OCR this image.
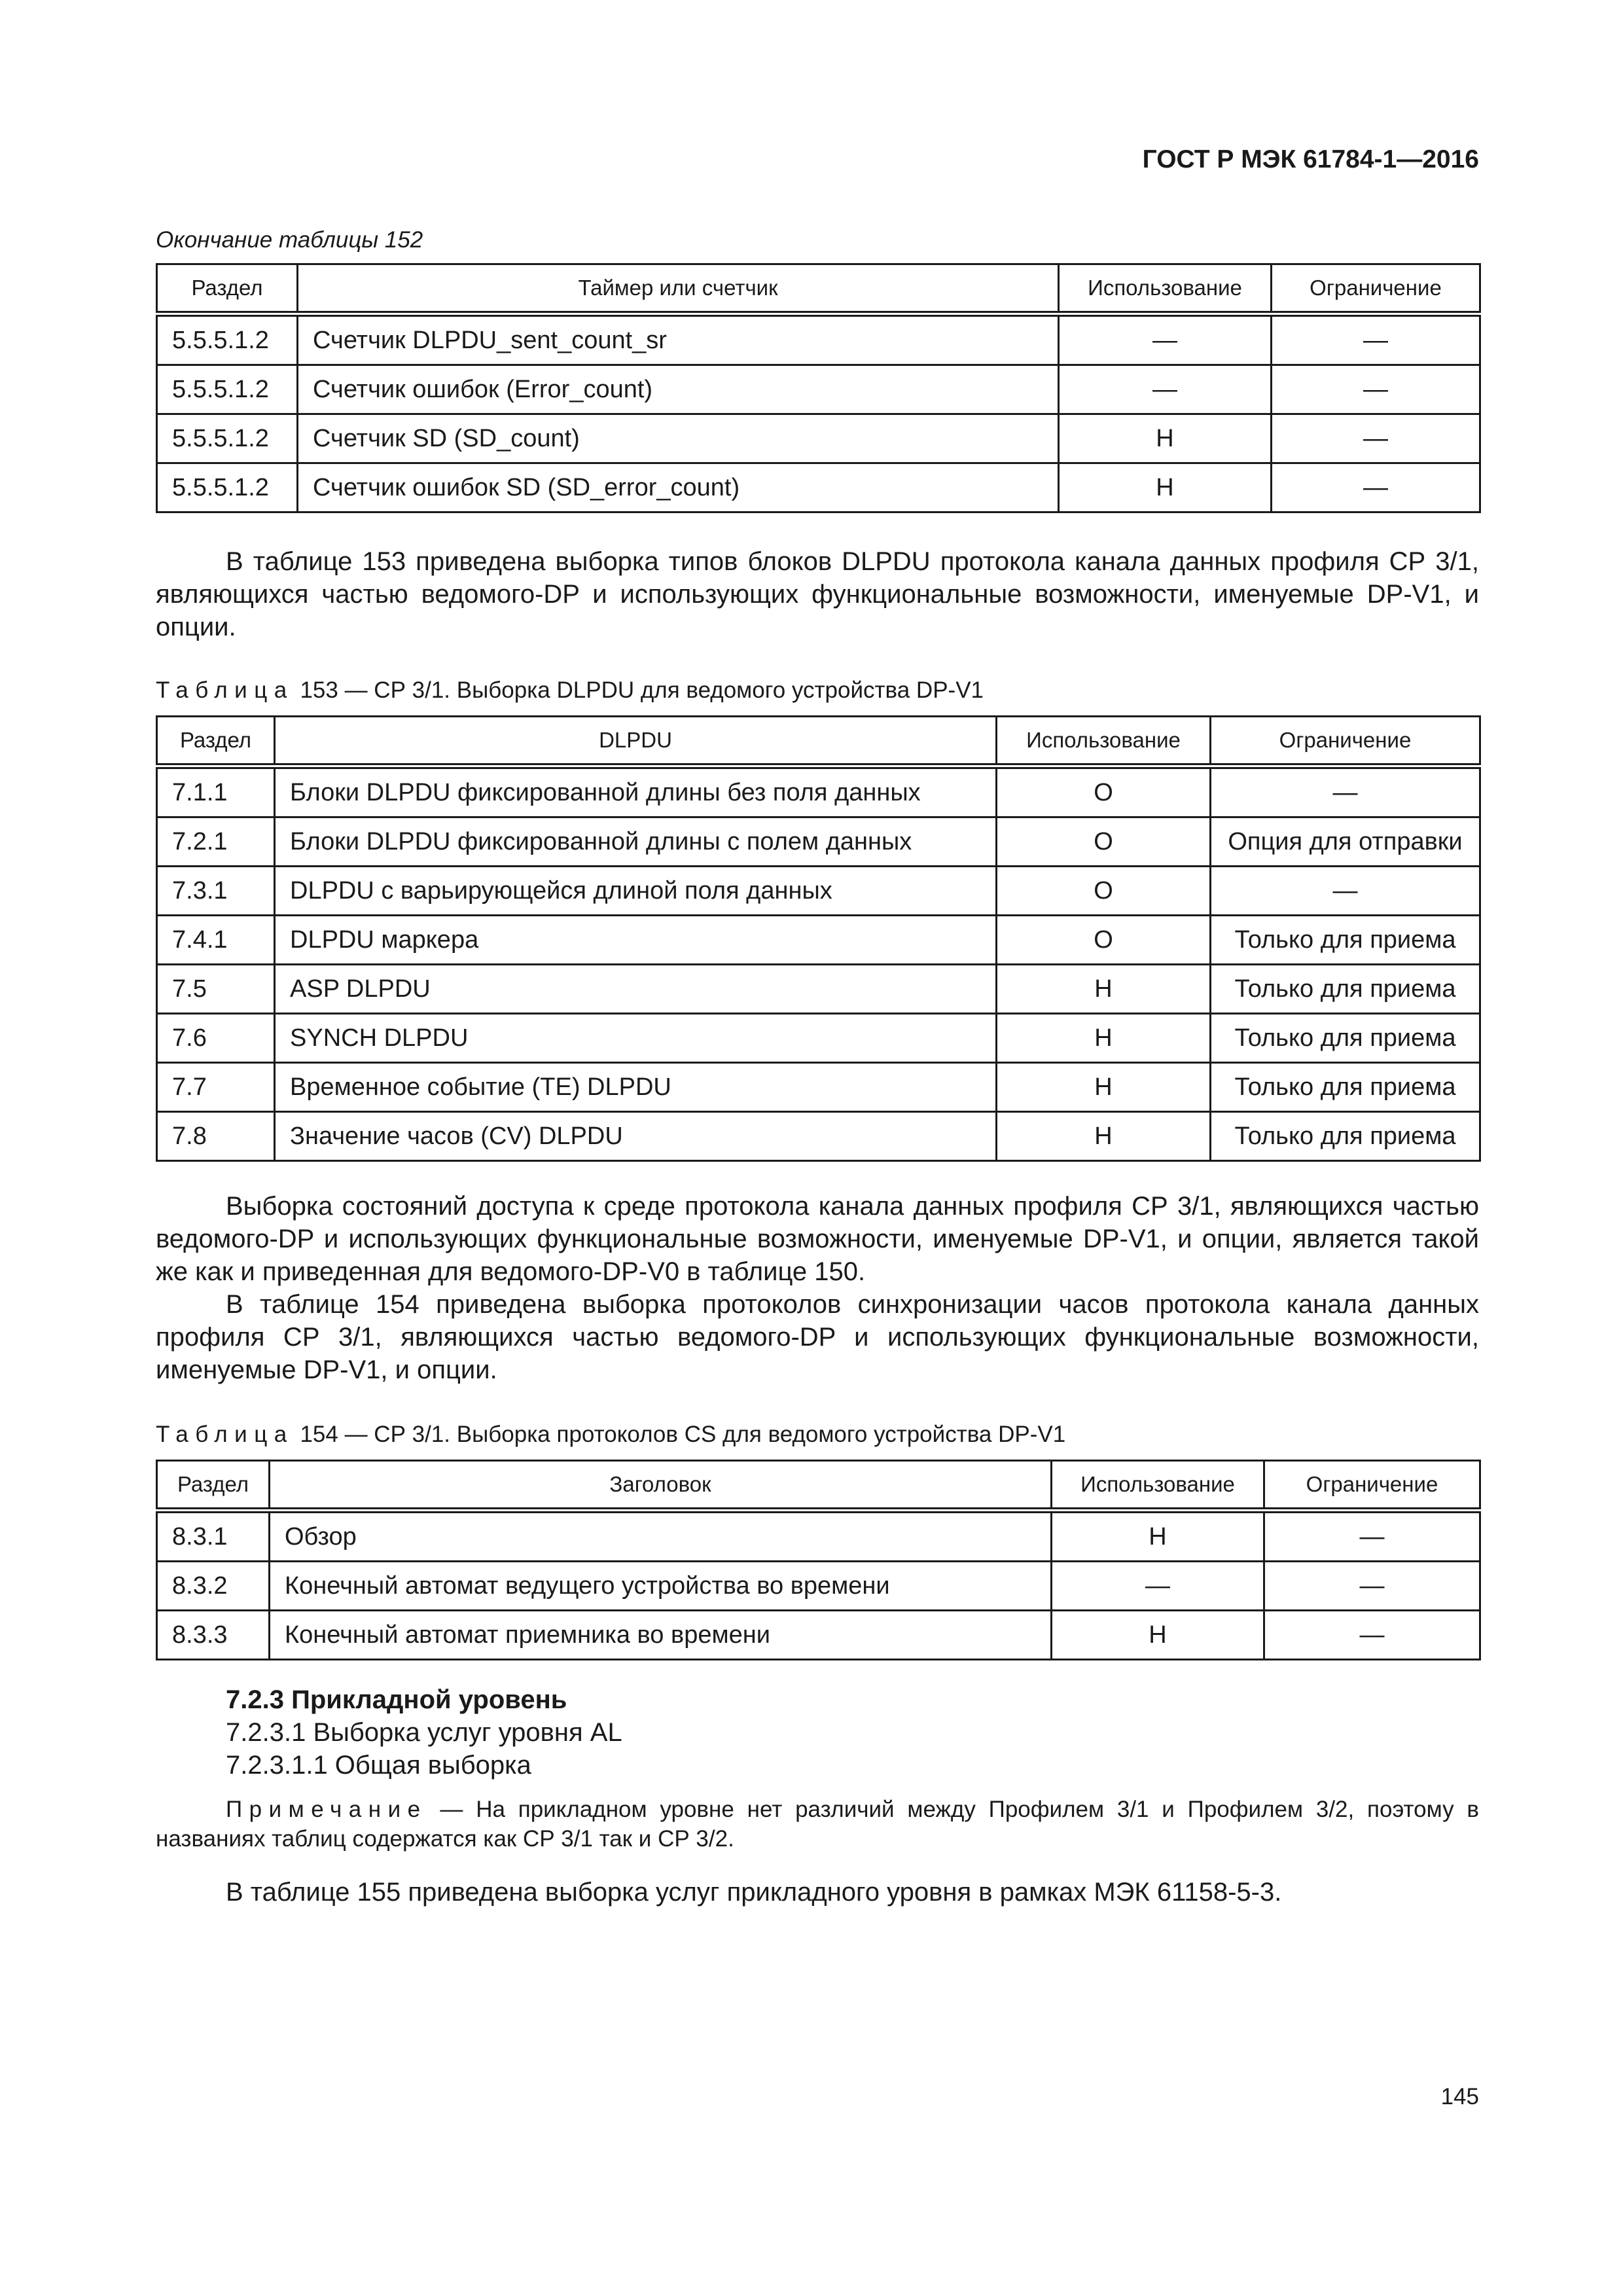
ГОСТ Р МЭК 61784-1—2016
Окончание таблицы 152
Раздел	Таймер или счетчик	Использование	Ограничение
5.5.5.1.2	Счетчик DLPDU_sent_count_sr	—	—
5.5.5.1.2	Счетчик ошибок (Error_count)	—	—
5.5.5.1.2	Счетчик SD (SD_count)	Н	—
5.5.5.1.2	Счетчик ошибок SD (SD_error_count)	Н	—

В таблице 153 приведена выборка типов блоков DLPDU протокола канала данных профиля СР 3/1, являющихся частью ведомого-DP и использующих функциональные возможности, именуемые DP-V1, и опции.

Таблица 153 — СР 3/1. Выборка DLPDU для ведомого устройства DP-V1
Раздел	DLPDU	Использование	Ограничение
7.1.1	Блоки DLPDU фиксированной длины без поля данных	О	—
7.2.1	Блоки DLPDU фиксированной длины с полем данных	О	Опция для отправки
7.3.1	DLPDU с варьирующейся длиной поля данных	О	—
7.4.1	DLPDU маркера	О	Только для приема
7.5	ASP DLPDU	Н	Только для приема
7.6	SYNCH DLPDU	Н	Только для приема
7.7	Временное событие (ТЕ) DLPDU	Н	Только для приема
7.8	Значение часов (CV) DLPDU	Н	Только для приема

Выборка состояний доступа к среде протокола канала данных профиля СР 3/1, являющихся частью ведомого-DP и использующих функциональные возможности, именуемые DP-V1, и опции, является такой же как и приведенная для ведомого-DP-V0 в таблице 150.

В таблице 154 приведена выборка протоколов синхронизации часов протокола канала данных профиля СР 3/1, являющихся частью ведомого-DP и использующих функциональные возможности, именуемые DP-V1, и опции.

Таблица 154 — СР 3/1. Выборка протоколов CS для ведомого устройства DP-V1
Раздел	Заголовок	Использование	Ограничение
8.3.1	Обзор	Н	—
8.3.2	Конечный автомат ведущего устройства во времени	—	—
8.3.3	Конечный автомат приемника во времени	Н	—
7.2.3 Прикладной уровень
7.2.3.1 Выборка услуг уровня AL
7.2.3.1.1 Общая выборка
Примечание — На прикладном уровне нет различий между Профилем 3/1 и Профилем 3/2, поэтому в названиях таблиц содержатся как СР 3/1 так и СР 3/2.

В таблице 155 приведена выборка услуг прикладного уровня в рамках МЭК 61158-5-3.

145
